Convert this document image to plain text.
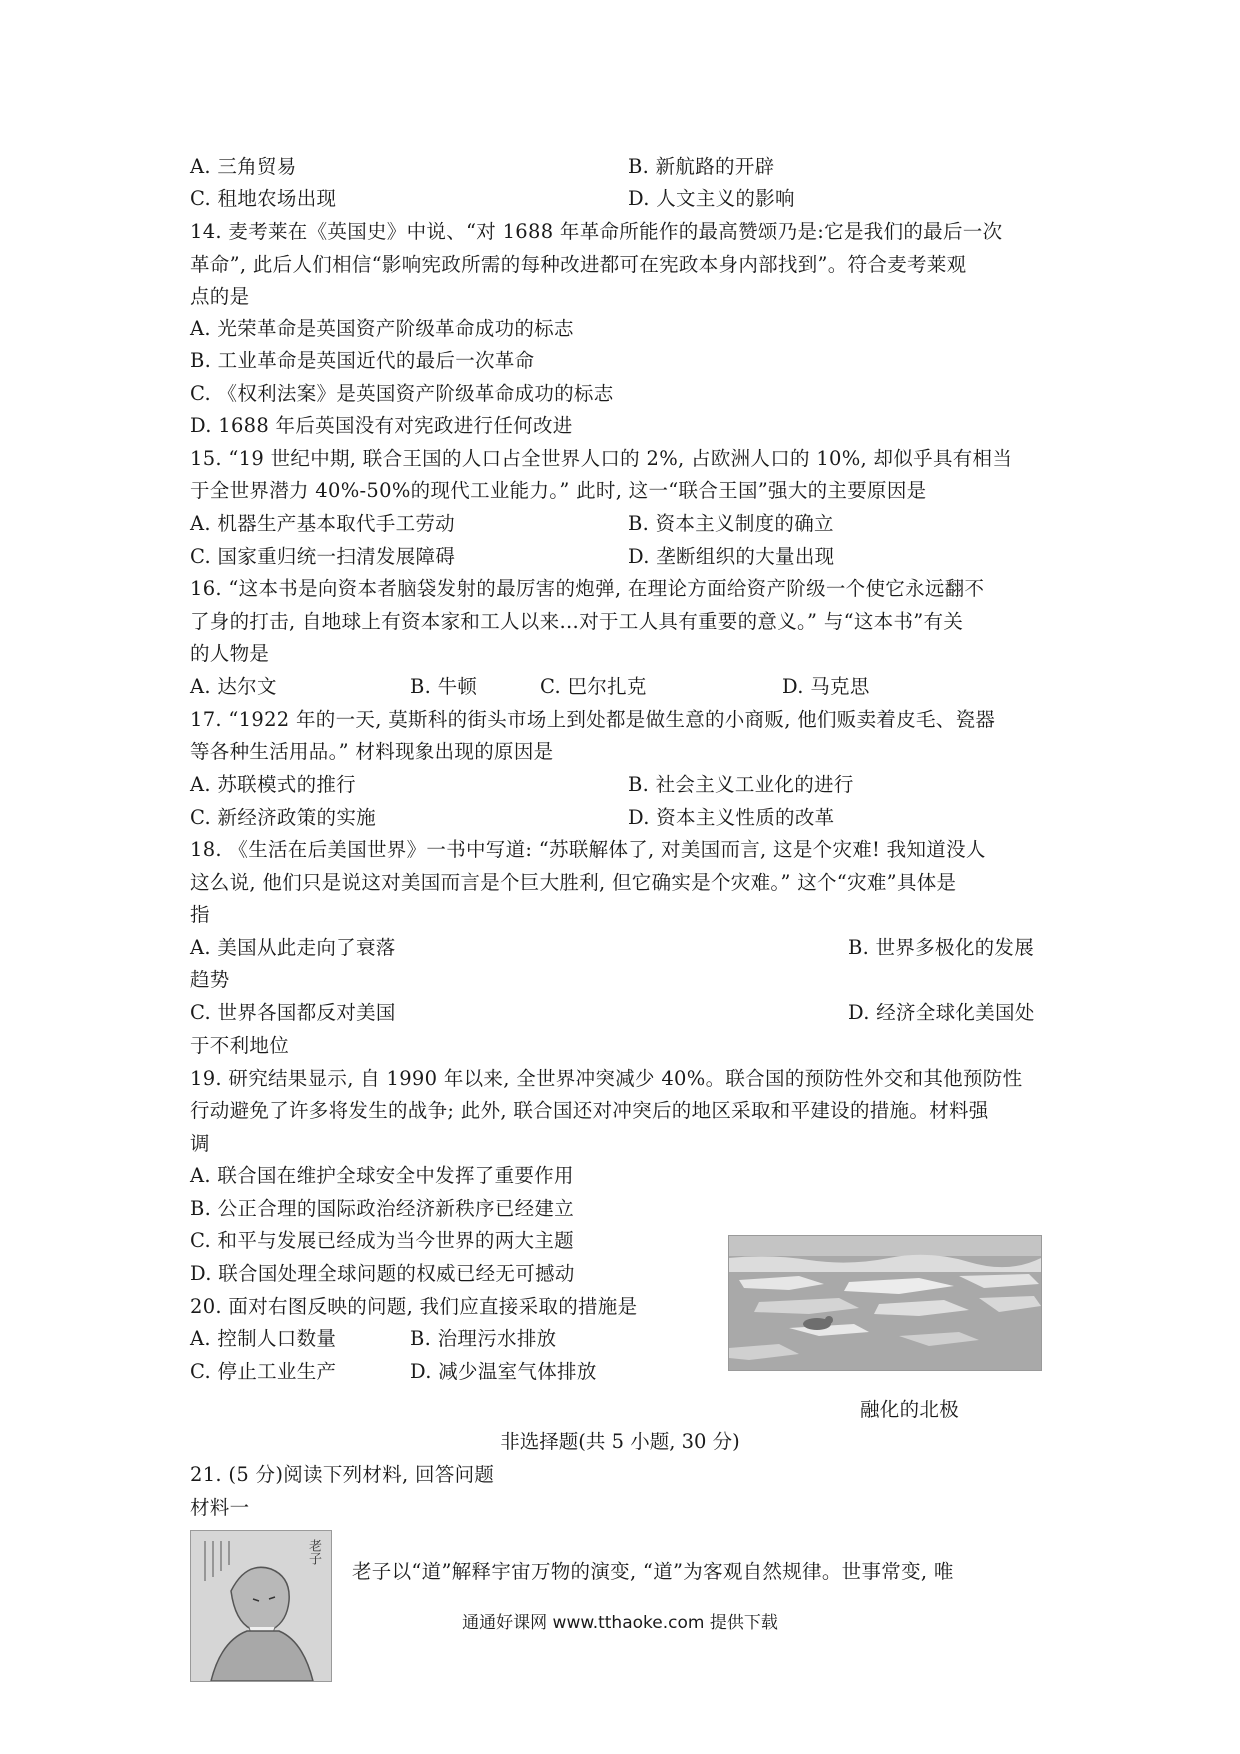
A. 三角贸易	B. 新航路的开辟
C. 租地农场出现	D. 人文主义的影响
14. 麦考莱在《英国史》中说、“对 1688 年革命所能作的最高赞颂乃是:它是我们的最后一次
革命”, 此后人们相信“影响宪政所需的每种改进都可在宪政本身内部找到”。符合麦考莱观
点的是
A. 光荣革命是英国资产阶级革命成功的标志
B. 工业革命是英国近代的最后一次革命
C. 《权利法案》是英国资产阶级革命成功的标志
D. 1688 年后英国没有对宪政进行任何改进
15. “19 世纪中期, 联合王国的人口占全世界人口的 2%, 占欧洲人口的 10%, 却似乎具有相当
于全世界潜力 40%-50%的现代工业能力。” 此时, 这一“联合王国”强大的主要原因是
A. 机器生产基本取代手工劳动	B. 资本主义制度的确立
C. 国家重归统一扫清发展障碍	D. 垄断组织的大量出现
16. “这本书是向资本者脑袋发射的最厉害的炮弹, 在理论方面给资产阶级一个使它永远翻不
了身的打击, 自地球上有资本家和工人以来…对于工人具有重要的意义。” 与“这本书”有关
的人物是
A. 达尔文	B. 牛顿	C. 巴尔扎克	D. 马克思
17. “1922 年的一天, 莫斯科的街头市场上到处都是做生意的小商贩, 他们贩卖着皮毛、瓷器
等各种生活用品。” 材料现象出现的原因是
A. 苏联模式的推行	B. 社会主义工业化的进行
C. 新经济政策的实施	D. 资本主义性质的改革
18. 《生活在后美国世界》一书中写道: “苏联解体了, 对美国而言, 这是个灾难! 我知道没人
这么说, 他们只是说这对美国而言是个巨大胜利, 但它确实是个灾难。” 这个“灾难”具体是
指
A. 美国从此走向了衰落	B. 世界多极化的发展
趋势
C. 世界各国都反对美国	D. 经济全球化美国处
于不利地位
19. 研究结果显示, 自 1990 年以来, 全世界冲突减少 40%。联合国的预防性外交和其他预防性
行动避免了许多将发生的战争; 此外, 联合国还对冲突后的地区采取和平建设的措施。材料强
调
A. 联合国在维护全球安全中发挥了重要作用
B. 公正合理的国际政治经济新秩序已经建立
C. 和平与发展已经成为当今世界的两大主题
D. 联合国处理全球问题的权威已经无可撼动
20. 面对右图反映的问题, 我们应直接采取的措施是
A. 控制人口数量	B. 治理污水排放
C. 停止工业生产	D. 减少温室气体排放
融化的北极
非选择题(共 5 小题, 30 分)
21. (5 分)阅读下列材料, 回答问题
材料一
老子
老子以“道”解释宇宙万物的演变, “道”为客观自然规律。世事常变, 唯
通通好课网 www.tthaoke.com 提供下载
